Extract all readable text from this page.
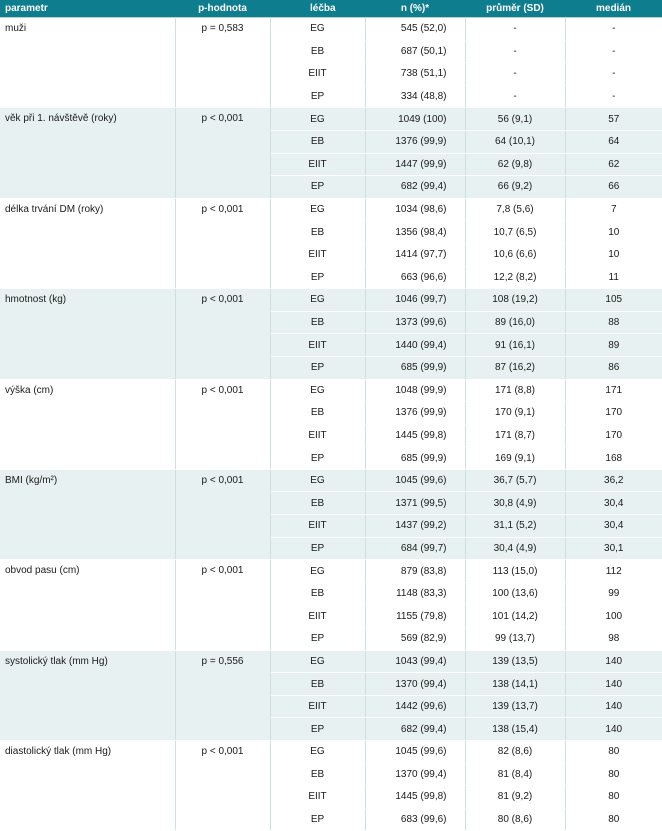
parametr	p-hodnota	léčba	n (%)*	průměr (SD)	medián
muži	p = 0,583	EG	545 (52,0)	-	-
		EB	687 (50,1)	-	-
		EIIT	738 (51,1)	-	-
		EP	334 (48,8)	-	-
věk při 1. návštěvě (roky)	p < 0,001	EG	1049 (100)	56 (9,1)	57
		EB	1376 (99,9)	64 (10,1)	64
		EIIT	1447 (99,9)	62 (9,8)	62
		EP	682 (99,4)	66 (9,2)	66
délka trvání DM (roky)	p < 0,001	EG	1034 (98,6)	7,8 (5,6)	7
		EB	1356 (98,4)	10,7 (6,5)	10
		EIIT	1414 (97,7)	10,6 (6,6)	10
		EP	663 (96,6)	12,2 (8,2)	11
hmotnost (kg)	p < 0,001	EG	1046 (99,7)	108 (19,2)	105
		EB	1373 (99,6)	89 (16,0)	88
		EIIT	1440 (99,4)	91 (16,1)	89
		EP	685 (99,9)	87 (16,2)	86
výška (cm)	p < 0,001	EG	1048 (99,9)	171 (8,8)	171
		EB	1376 (99,9)	170 (9,1)	170
		EIIT	1445 (99,8)	171 (8,7)	170
		EP	685 (99,9)	169 (9,1)	168
BMI (kg/m²)	p < 0,001	EG	1045 (99,6)	36,7 (5,7)	36,2
		EB	1371 (99,5)	30,8 (4,9)	30,4
		EIIT	1437 (99,2)	31,1 (5,2)	30,4
		EP	684 (99,7)	30,4 (4,9)	30,1
obvod pasu (cm)	p < 0,001	EG	879 (83,8)	113 (15,0)	112
		EB	1148 (83,3)	100 (13,6)	99
		EIIT	1155 (79,8)	101 (14,2)	100
		EP	569 (82,9)	99 (13,7)	98
systolický tlak (mm Hg)	p = 0,556	EG	1043 (99,4)	139 (13,5)	140
		EB	1370 (99,4)	138 (14,1)	140
		EIIT	1442 (99,6)	139 (13,7)	140
		EP	682 (99,4)	138 (15,4)	140
diastolický tlak (mm Hg)	p < 0,001	EG	1045 (99,6)	82 (8,6)	80
		EB	1370 (99,4)	81 (8,4)	80
		EIIT	1445 (99,8)	81 (9,2)	80
		EP	683 (99,6)	80 (8,6)	80
